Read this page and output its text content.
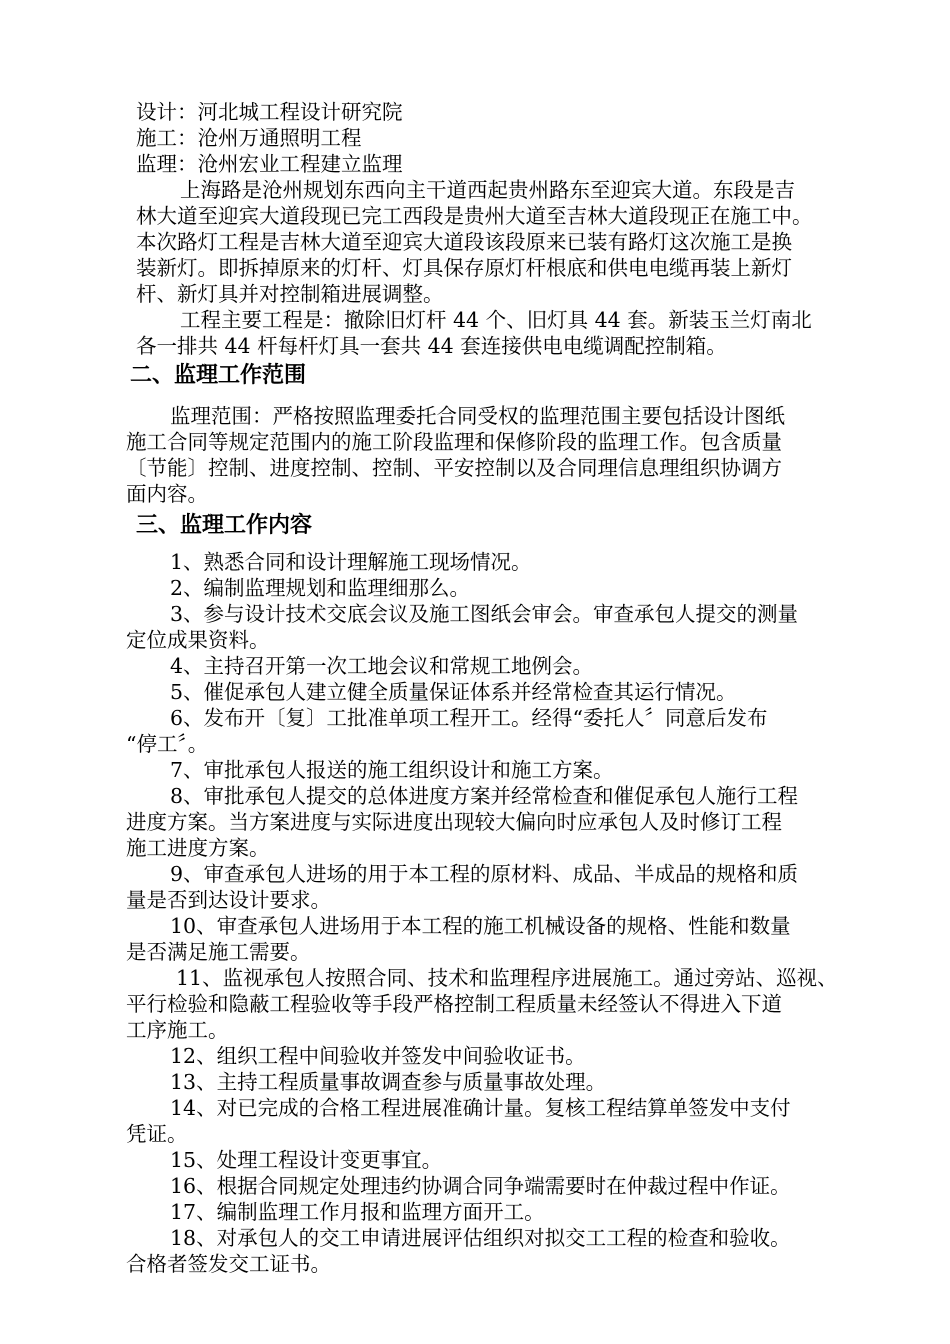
设计：河北城工程设计研究院
施工：沧州万通照明工程
监理：沧州宏业工程建立监理
上海路是沧州规划东西向主干道西起贵州路东至迎宾大道。东段是吉
林大道至迎宾大道段现已完工西段是贵州大道至吉林大道段现正在施工中。
本次路灯工程是吉林大道至迎宾大道段该段原来已装有路灯这次施工是换
装新灯。即拆掉原来的灯杆、灯具保存原灯杆根底和供电电缆再装上新灯
杆、新灯具并对控制箱进展调整。
工程主要工程是：撤除旧灯杆 44 个、旧灯具 44 套。新装玉兰灯南北
各一排共 44 杆每杆灯具一套共 44 套连接供电电缆调配控制箱。
二、监理工作范围
监理范围：严格按照监理委托合同受权的监理范围主要包括设计图纸
施工合同等规定范围内的施工阶段监理和保修阶段的监理工作。包含质量
〔节能〕控制、进度控制、控制、平安控制以及合同理信息理组织协调方
面内容。
三、监理工作内容
1、熟悉合同和设计理解施工现场情况。
2、编制监理规划和监理细那么。
3、参与设计技术交底会议及施工图纸会审会。审查承包人提交的测量
定位成果资料。
4、主持召开第一次工地会议和常规工地例会。
5、催促承包人建立健全质量保证体系并经常检查其运行情况。
6、发布开〔复〕工批准单项工程开工。经得“委托人〞同意后发布
“停工〞。
7、审批承包人报送的施工组织设计和施工方案。
8、审批承包人提交的总体进度方案并经常检查和催促承包人施行工程
进度方案。当方案进度与实际进度出现较大偏向时应承包人及时修订工程
施工进度方案。
9、审查承包人进场的用于本工程的原材料、成品、半成品的规格和质
量是否到达设计要求。
10、审查承包人进场用于本工程的施工机械设备的规格、性能和数量
是否满足施工需要。
11、监视承包人按照合同、技术和监理程序进展施工。通过旁站、巡视、
平行检验和隐蔽工程验收等手段严格控制工程质量未经签认不得进入下道
工序施工。
12、组织工程中间验收并签发中间验收证书。
13、主持工程质量事故调查参与质量事故处理。
14、对已完成的合格工程进展准确计量。复核工程结算单签发中支付
凭证。
15、处理工程设计变更事宜。
16、根据合同规定处理违约协调合同争端需要时在仲裁过程中作证。
17、编制监理工作月报和监理方面开工。
18、对承包人的交工申请进展评估组织对拟交工工程的检查和验收。
合格者签发交工证书。
